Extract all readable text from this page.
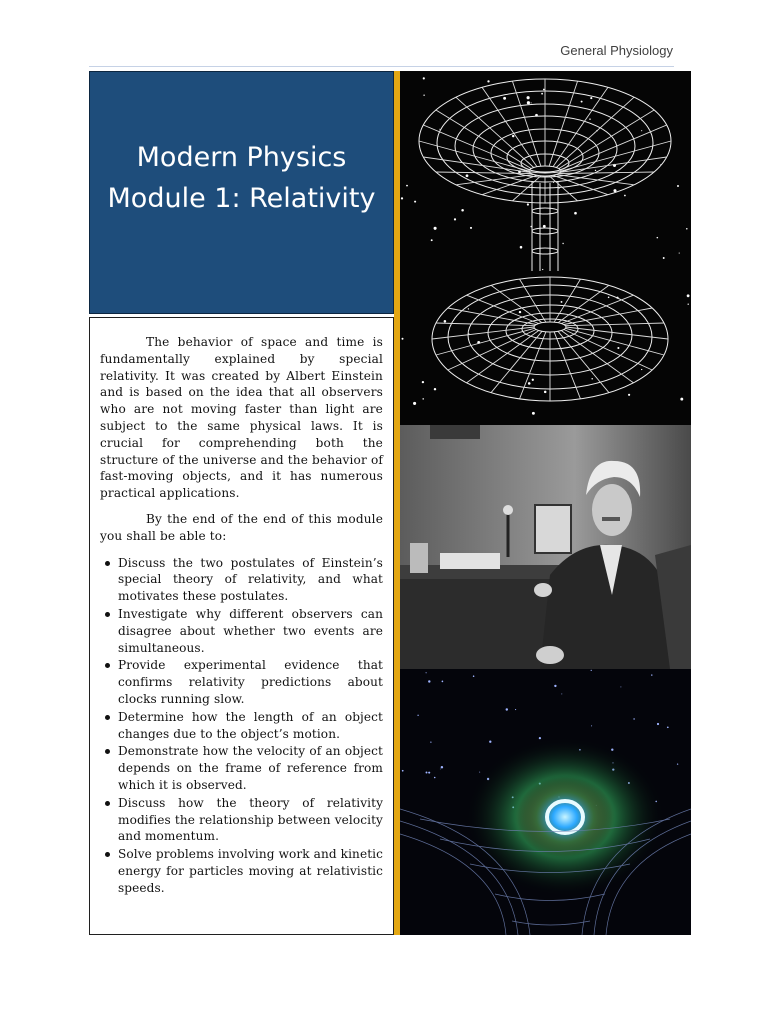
General Physiology
Modern Physics
Module 1: Relativity

The behavior of space and time is fundamentally explained by special relativity. It was created by Albert Einstein and is based on the idea that all observers who are not moving faster than light are subject to the same physical laws. It is crucial for comprehending both the structure of the universe and the behavior of fast-moving objects, and it has numerous practical applications.

By the end of the end of this module you shall be able to:

Discuss the two postulates of Einstein’s special theory of relativity, and what motivates these postulates.
Investigate why different observers can disagree about whether two events are simultaneous.
Provide experimental evidence that confirms relativity predictions about clocks running slow.
Determine how the length of an object changes due to the object’s motion.
Demonstrate how the velocity of an object depends on the frame of reference from which it is observed.
Discuss how the theory of relativity modifies the relationship between velocity and momentum.
Solve problems involving work and kinetic energy for particles moving at relativistic speeds.
